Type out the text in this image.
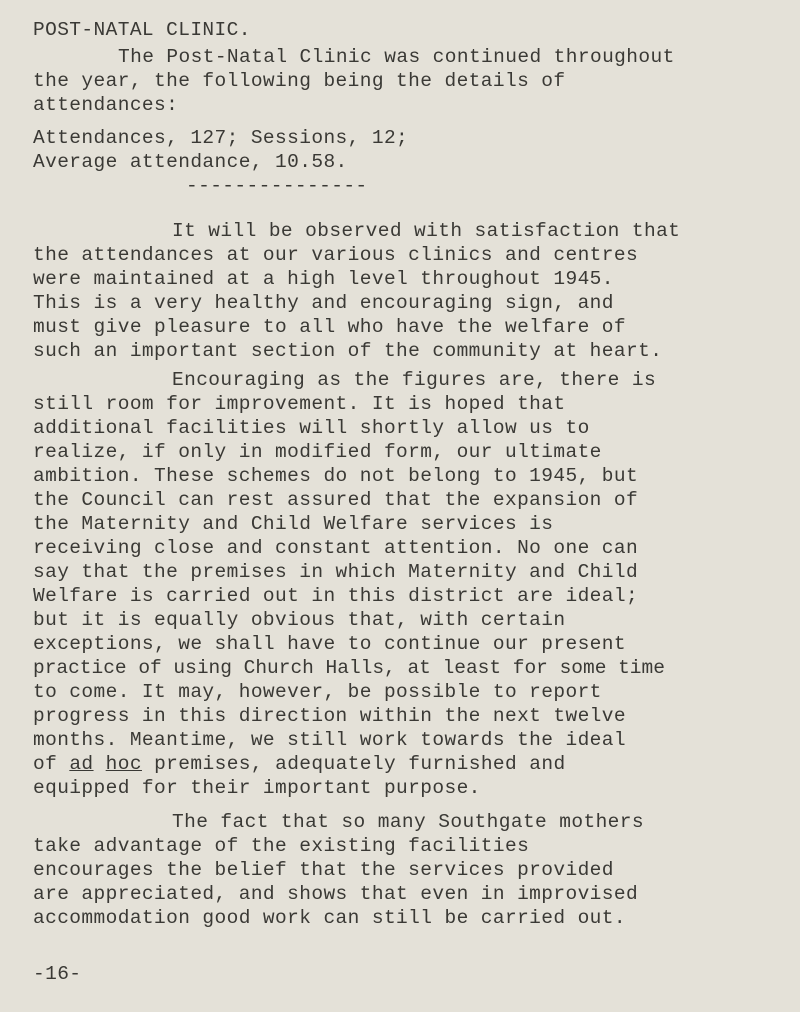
POST-NATAL CLINIC.
The Post-Natal Clinic was continued throughout
the year, the following being the details of
attendances:
Attendances, 127; Sessions, 12;
Average attendance, 10.58.
---------------
It will be observed with satisfaction that
the attendances at our various clinics and centres
were maintained at a high level throughout 1945.
This is a very healthy and encouraging sign, and
must give pleasure to all who have the welfare of
such an important section of the community at heart.
Encouraging as the figures are, there is
still room for improvement. It is hoped that
additional facilities will shortly allow us to
realize, if only in modified form, our ultimate
ambition. These schemes do not belong to 1945, but
the Council can rest assured that the expansion of
the Maternity and Child Welfare services is
receiving close and constant attention. No one can
say that the premises in which Maternity and Child
Welfare is carried out in this district are ideal;
but it is equally obvious that, with certain
exceptions, we shall have to continue our present
practice of using Church Halls, at least for some time
to come. It may, however, be possible to report
progress in this direction within the next twelve
months. Meantime, we still work towards the ideal
of ad hoc premises, adequately furnished and
equipped for their important purpose.
The fact that so many Southgate mothers
take advantage of the existing facilities
encourages the belief that the services provided
are appreciated, and shows that even in improvised
accommodation good work can still be carried out.
-16-
